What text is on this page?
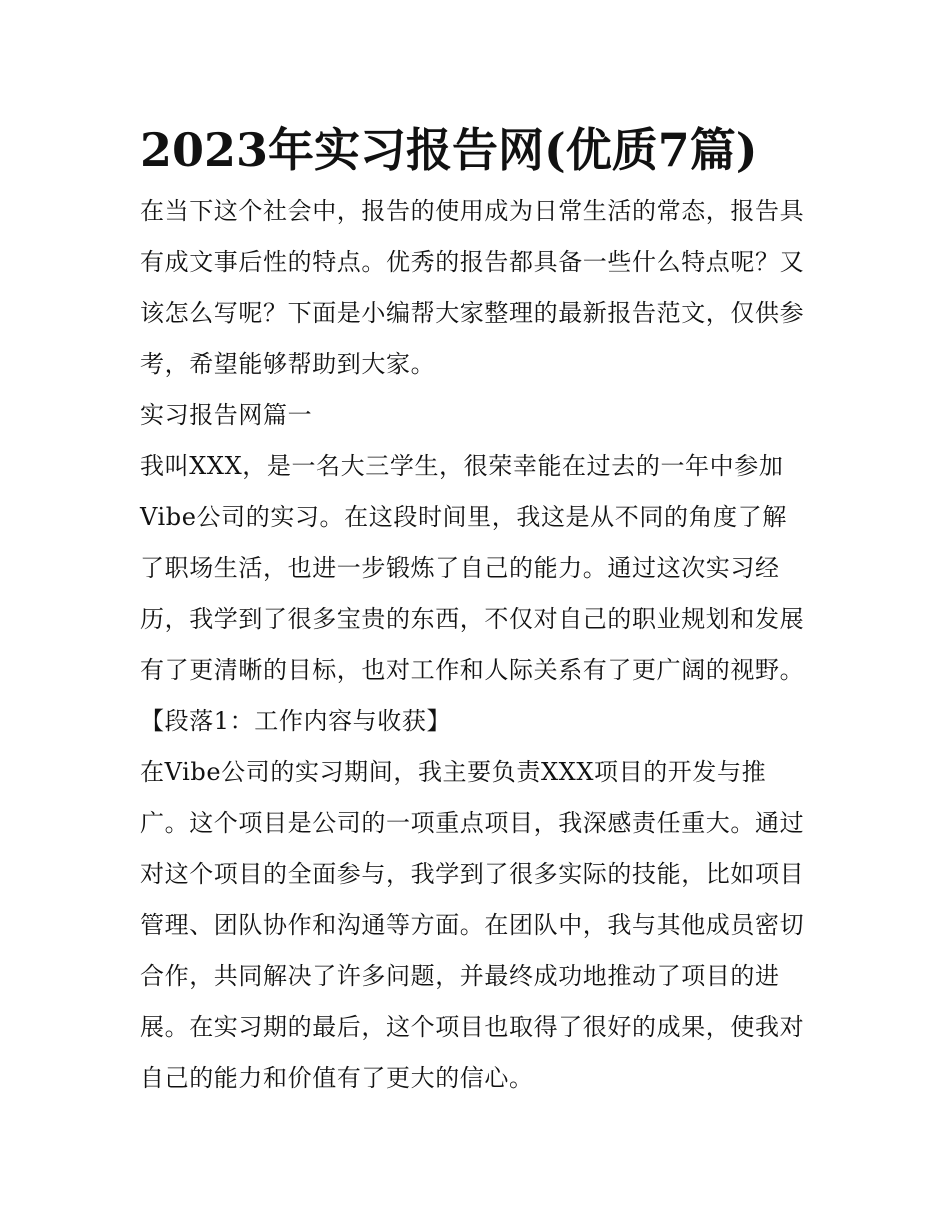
2023年实习报告网(优质7篇)
在当下这个社会中，报告的使用成为日常生活的常态，报告具
有成文事后性的特点。优秀的报告都具备一些什么特点呢？又
该怎么写呢？下面是小编帮大家整理的最新报告范文，仅供参
考，希望能够帮助到大家。
实习报告网篇一
我叫XXX，是一名大三学生，很荣幸能在过去的一年中参加
Vibe公司的实习。在这段时间里，我这是从不同的角度了解
了职场生活，也进一步锻炼了自己的能力。通过这次实习经
历，我学到了很多宝贵的东西，不仅对自己的职业规划和发展
有了更清晰的目标，也对工作和人际关系有了更广阔的视野。
【段落1：工作内容与收获】
在Vibe公司的实习期间，我主要负责XXX项目的开发与推
广。这个项目是公司的一项重点项目，我深感责任重大。通过
对这个项目的全面参与，我学到了很多实际的技能，比如项目
管理、团队协作和沟通等方面。在团队中，我与其他成员密切
合作，共同解决了许多问题，并最终成功地推动了项目的进
展。在实习期的最后，这个项目也取得了很好的成果，使我对
自己的能力和价值有了更大的信心。
